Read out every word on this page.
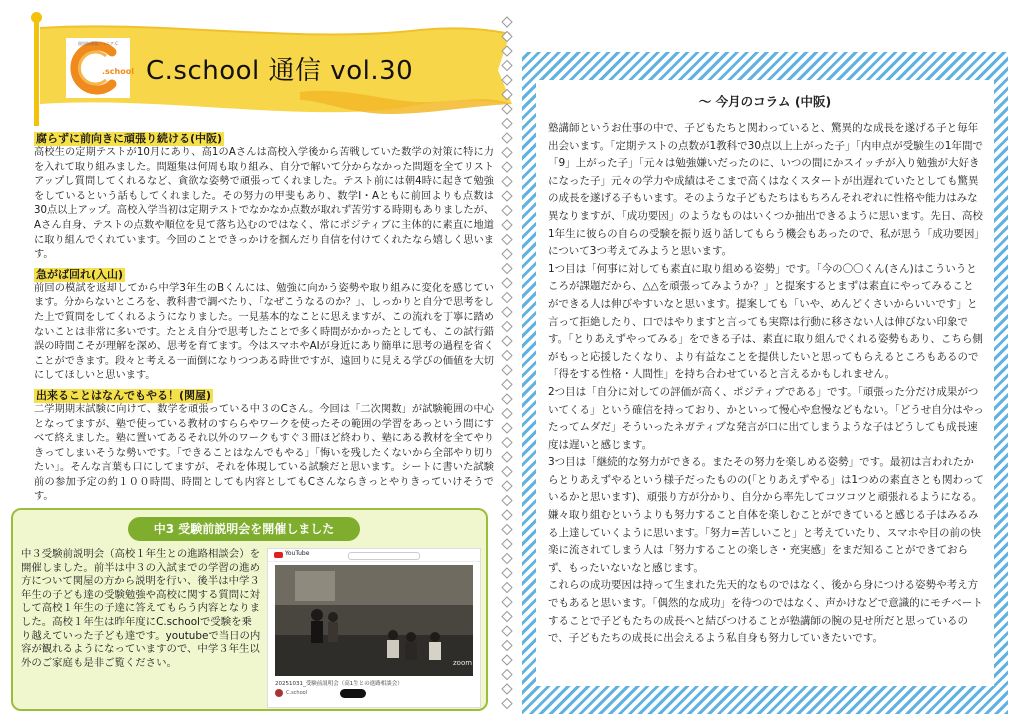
個別指導塾ジュニア.C
.school C.school 通信 vol.30
腐らずに前向きに頑張り続ける(中阪)

高校生の定期テストが10月にあり、高1のAさんは高校入学後から苦戦していた数学の対策に特に力を入れて取り組みました。問題集は何周も取り組み、自分で解いて分からなかった問題を全てリストアップし質問してくれるなど、貪欲な姿勢で頑張ってくれました。テスト前には朝4時に起きて勉強をしているという話もしてくれました。その努力の甲斐もあり、数学Ⅰ・Aともに前回よりも点数は30点以上アップ。高校入学当初は定期テストでなかなか点数が取れず苦労する時期もありましたが、Aさん自身、テストの点数や順位を見て落ち込むのではなく、常にポジティブに主体的に素直に地道に取り組んでくれています。今回のことできっかけを掴んだり自信を付けてくれたなら嬉しく思います。

急がば回れ(入山)

前回の模試を返却してから中学3年生のBくんには、勉強に向かう姿勢や取り組みに変化を感じています。分からないところを、教科書で調べたり、「なぜこうなるのか？」、しっかりと自分で思考をした上で質問をしてくれるようになりました。一見基本的なことに思えますが、この流れを丁寧に踏めないことは非常に多いです。たとえ自分で思考したことで多く時間がかかったとしても、この試行錯誤の時間こそが理解を深め、思考を育てます。今はスマホやAIが身近にあり簡単に思考の過程を省くことができます。段々と考える一面倒になりつつある時世ですが、遠回りに見える学びの価値を大切にしてほしいと思います。

出来ることはなんでもやる！(関屋)

二学期期末試験に向けて、数学を頑張っている中３のCさん。今回は「二次関数」が試験範囲の中心となってますが、塾で使っている教材のすららやワークを使ったその範囲の学習をあっという間にすべて終えました。塾に置いてあるそれ以外のワークもすぐ３冊ほど終わり、塾にある教材を全てやりきってしまいそうな勢いです。「できることはなんでもやる」「悔いを残したくないから全部やり切りたい」。そんな言葉も口にしてますが、それを体現している試験だと思います。シートに書いた試験前の参加予定の約１００時間、時間としても内容としてもCさんならきっとやりきっていけそうです。

中3 受験前説明会を開催しました

中３受験前説明会（高校１年生との進路相談会）を開催しました。前半は中３の入試までの学習の進め方について関屋の方から説明を行い、後半は中学３年生の子ども達の受験勉強や高校に関する質問に対して高校１年生の子達に答えてもらう内容となりました。高校１年生は昨年度にC.schoolで受験を乗り越えていった子ども達です。youtubeで当日の内容が観れるようになっていますので、中学３年生以外のご家庭も是非ご覧ください。

YouTube
zoom
20251031_受験前説明会（高1生との進路相談会）
C.school
〜 今月のコラム (中阪)
塾講師というお仕事の中で、子どもたちと関わっていると、驚異的な成長を遂げる子と毎年出会います。「定期テストの点数が1教科で30点以上上がった子」「内申点が受験生の1年間で「9」上がった子」「元々は勉強嫌いだったのに、いつの間にかスイッチが入り勉強が大好きになった子」元々の学力や成績はそこまで高くはなくスタートが出遅れていたとしても驚異の成長を遂げる子もいます。そのような子どもたちはもちろんそれぞれに性格や能力はみな異なりますが、「成功要因」のようなものはいくつか抽出できるように思います。先日、高校1年生に彼らの自らの受験を振り返り話してもらう機会もあったので、私が思う「成功要因」について3つ考えてみようと思います。
1つ目は「何事に対しても素直に取り組める姿勢」です。「今の〇〇くん(さん)はこういうところが課題だから、△△を頑張ってみようか？」と提案するとまずは素直にやってみることができる人は伸びやすいなと思います。提案しても「いや、めんどくさいからいいです」と言って拒絶したり、口ではやりますと言っても実際は行動に移さない人は伸びない印象です。「とりあえずやってみる」をできる子は、素直に取り組んでくれる姿勢もあり、こちら側がもっと応援したくなり、より有益なことを提供したいと思ってもらえるところもあるので「得をする性格・人間性」を持ち合わせていると言えるかもしれません。
2つ目は「自分に対しての評価が高く、ポジティブである」です。「頑張った分だけ成果がついてくる」という確信を持っており、かといって慢心や怠慢などもない。「どうせ自分はやったってムダだ」そういったネガティブな発言が口に出てしまうような子はどうしても成長速度は遅いと感じます。
3つ目は「継続的な努力ができる。またその努力を楽しめる姿勢」です。最初は言われたからとりあえずやるという様子だったものの(「とりあえずやる」は1つめの素直さとも関わっているかと思います)、頑張り方が分かり、自分から率先してコツコツと頑張れるようになる。嫌々取り組むというよりも努力すること自体を楽しむことができていると感じる子はみるみる上達していくように思います。「努力=苦しいこと」と考えていたり、スマホや目の前の快楽に流されてしまう人は「努力することの楽しさ・充実感」をまだ知ることができておらず、もったいないなと感じます。
これらの成功要因は持って生まれた先天的なものではなく、後から身につける姿勢や考え方でもあると思います。「偶然的な成功」を待つのではなく、声かけなどで意識的にモチベートすることで子どもたちの成長へと結びつけることが塾講師の腕の見せ所だと思っているので、子どもたちの成長に出会えるよう私自身も努力していきたいです。
